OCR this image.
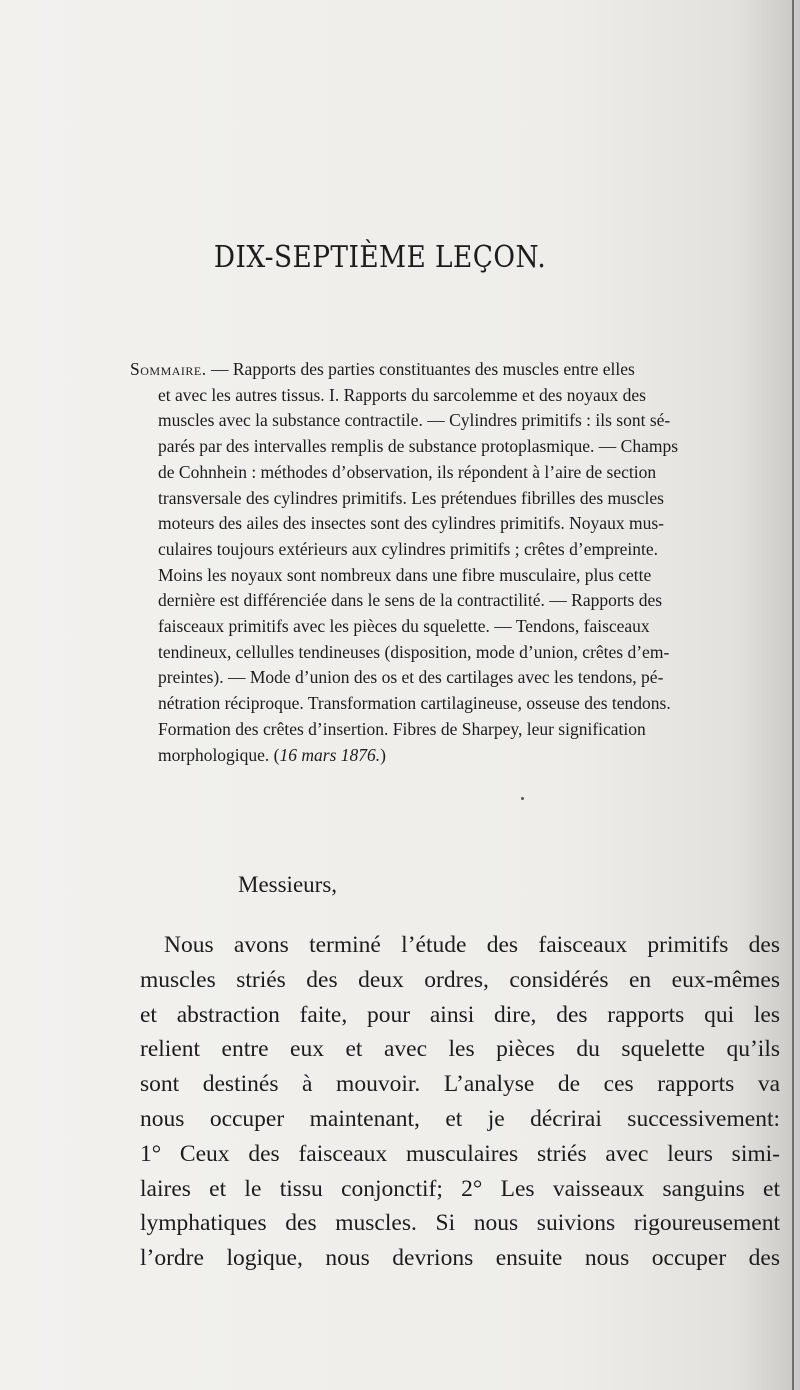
DIX-SEPTIÈME LEÇON.
Sommaire. — Rapports des parties constituantes des muscles entre elles
et avec les autres tissus. I. Rapports du sarcolemme et des noyaux des
muscles avec la substance contractile. — Cylindres primitifs : ils sont sé-
parés par des intervalles remplis de substance protoplasmique. — Champs
de Cohnhein : méthodes d’observation, ils répondent à l’aire de section
transversale des cylindres primitifs. Les prétendues fibrilles des muscles
moteurs des ailes des insectes sont des cylindres primitifs. Noyaux mus-
culaires toujours extérieurs aux cylindres primitifs ; crêtes d’empreinte.
Moins les noyaux sont nombreux dans une fibre musculaire, plus cette
dernière est différenciée dans le sens de la contractilité. — Rapports des
faisceaux primitifs avec les pièces du squelette. — Tendons, faisceaux
tendineux, cellulles tendineuses (disposition, mode d’union, crêtes d’em-
preintes). — Mode d’union des os et des cartilages avec les tendons, pé-
nétration réciproque. Transformation cartilagineuse, osseuse des tendons.
Formation des crêtes d’insertion. Fibres de Sharpey, leur signification
morphologique. (16 mars 1876.)
Messieurs,
Nous avons terminé l’étude des faisceaux primitifs des
muscles striés des deux ordres, considérés en eux-mêmes
et abstraction faite, pour ainsi dire, des rapports qui les
relient entre eux et avec les pièces du squelette qu’ils
sont destinés à mouvoir. L’analyse de ces rapports va
nous occuper maintenant, et je décrirai successivement:
1° Ceux des faisceaux musculaires striés avec leurs simi-
laires et le tissu conjonctif; 2° Les vaisseaux sanguins et
lymphatiques des muscles. Si nous suivions rigoureusement
l’ordre logique, nous devrions ensuite nous occuper des
